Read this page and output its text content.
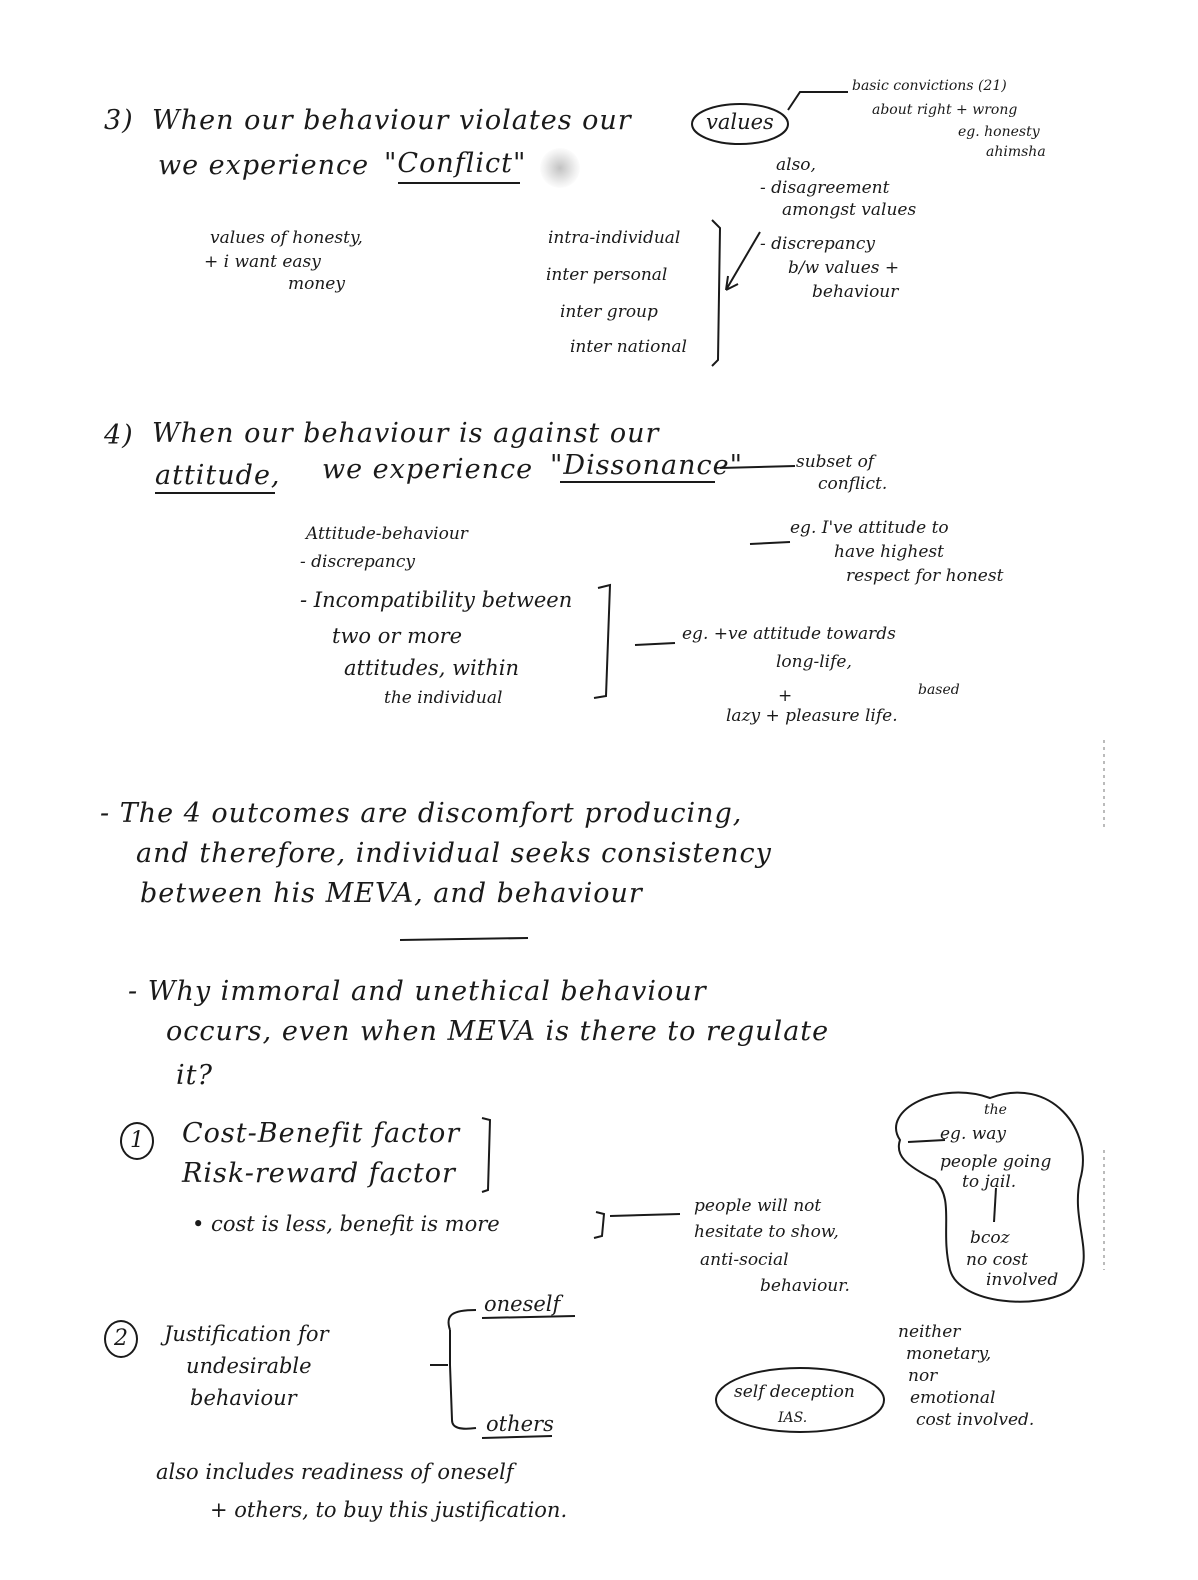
3) When our behaviour violates our	values
we experience "Conflict"
basic convictions (21)
about right + wrong
eg. honesty
ahimsha
values of honesty,
+ i want easy
money
intra-individual
inter personal
inter group
inter national
also,
- disagreement
amongst values
- discrepancy
b/w values +
behaviour
4) When our behaviour is against our
attitude, we experience "Dissonance"	subset of
conflict.
Attitude-behaviour
- discrepancy
eg. I've attitude to
have highest
respect for honest
- Incompatibility between
two or more
attitudes, within
the individual
eg. +ve attitude towards
long-life,
+	based
lazy + pleasure life.
- The 4 outcomes are discomfort producing,
and therefore, individual seeks consistency
between his MEVA, and behaviour
- Why immoral and unethical behaviour
occurs, even when MEVA is there to regulate
it?
1	Cost-Benefit factor
Risk-reward factor
• cost is less, benefit is more
people will not
hesitate to show,
anti-social
behaviour.
the
eg. way
people going
to jail.
bcoz
no cost
involved
2	Justification for
undesirable
behaviour
oneself
others
self deception
IAS.
neither
monetary,
nor
emotional
cost involved.
also includes readiness of oneself
+ others, to buy this justification.
